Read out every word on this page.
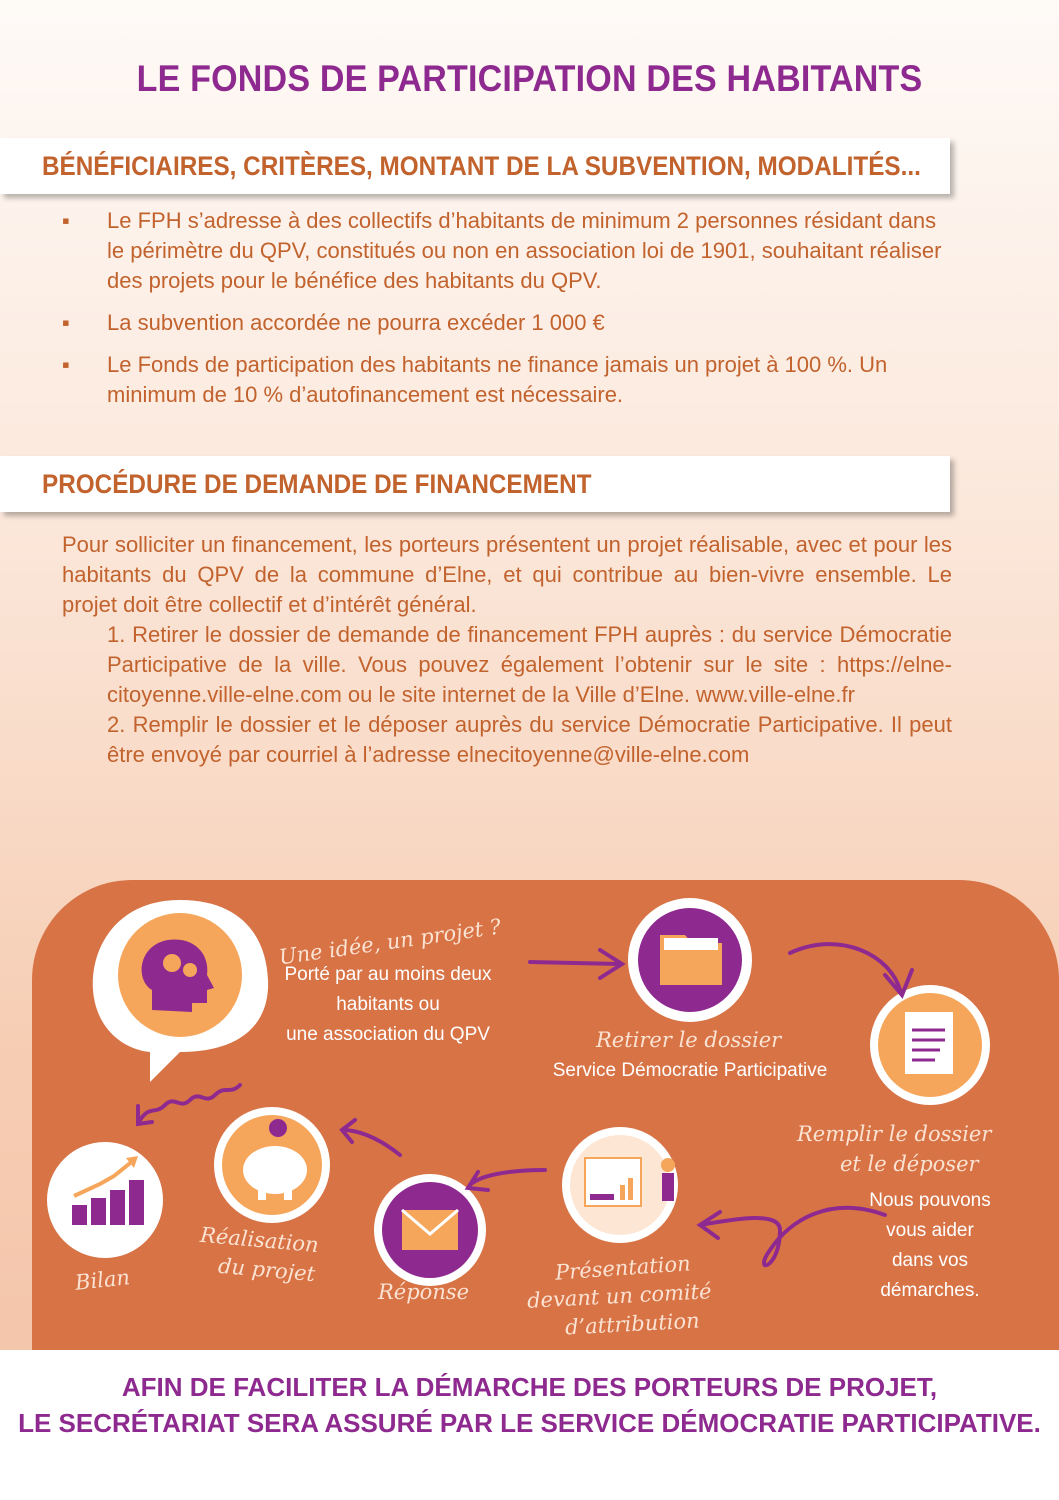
LE FONDS DE PARTICIPATION DES HABITANTS
BÉNÉFICIAIRES, CRITÈRES, MONTANT DE LA SUBVENTION, MODALITÉS...
▪ Le FPH s’adresse à des collectifs d’habitants de minimum 2 personnes résidant dans le périmètre du QPV, constitués ou non en association loi de 1901, souhaitant réaliser des projets pour le bénéfice des habitants du QPV.
▪ La subvention accordée ne pourra excéder 1 000 €
▪ Le Fonds de participation des habitants ne finance jamais un projet à 100 %. Un minimum de 10 % d’autofinancement est nécessaire.
PROCÉDURE DE DEMANDE DE FINANCEMENT

Pour solliciter un financement, les porteurs présentent un projet réalisable, avec et pour les habitants du QPV de la commune d’Elne, et qui contribue au bien-vivre ensemble. Le projet doit être collectif et d’intérêt général.

1. Retirer le dossier de demande de financement FPH auprès : du service Démocratie Participative de la ville. Vous pouvez également l’obtenir sur le site : https://elne-citoyenne.ville-elne.com ou le site internet de la Ville d’Elne. www.ville-elne.fr

2. Remplir le dossier et le déposer auprès du service Démocratie Participative. Il peut être envoyé par courriel à l’adresse elnecitoyenne@ville-elne.com

Une idée, un projet ?
Porté par au moins deux
habitants ou
une association du QPV	Retirer le dossier
Service Démocratie Participative
Remplir le dossier
et le déposer
Nous pouvons
vous aider
dans vos
démarches.
Présentation
devant un comité
d’attribution
Réponse
Réalisation
du projet
Bilan
AFIN DE FACILITER LA DÉMARCHE DES PORTEURS DE PROJET,
LE SECRÉTARIAT SERA ASSURÉ PAR LE SERVICE DÉMOCRATIE PARTICIPATIVE.
